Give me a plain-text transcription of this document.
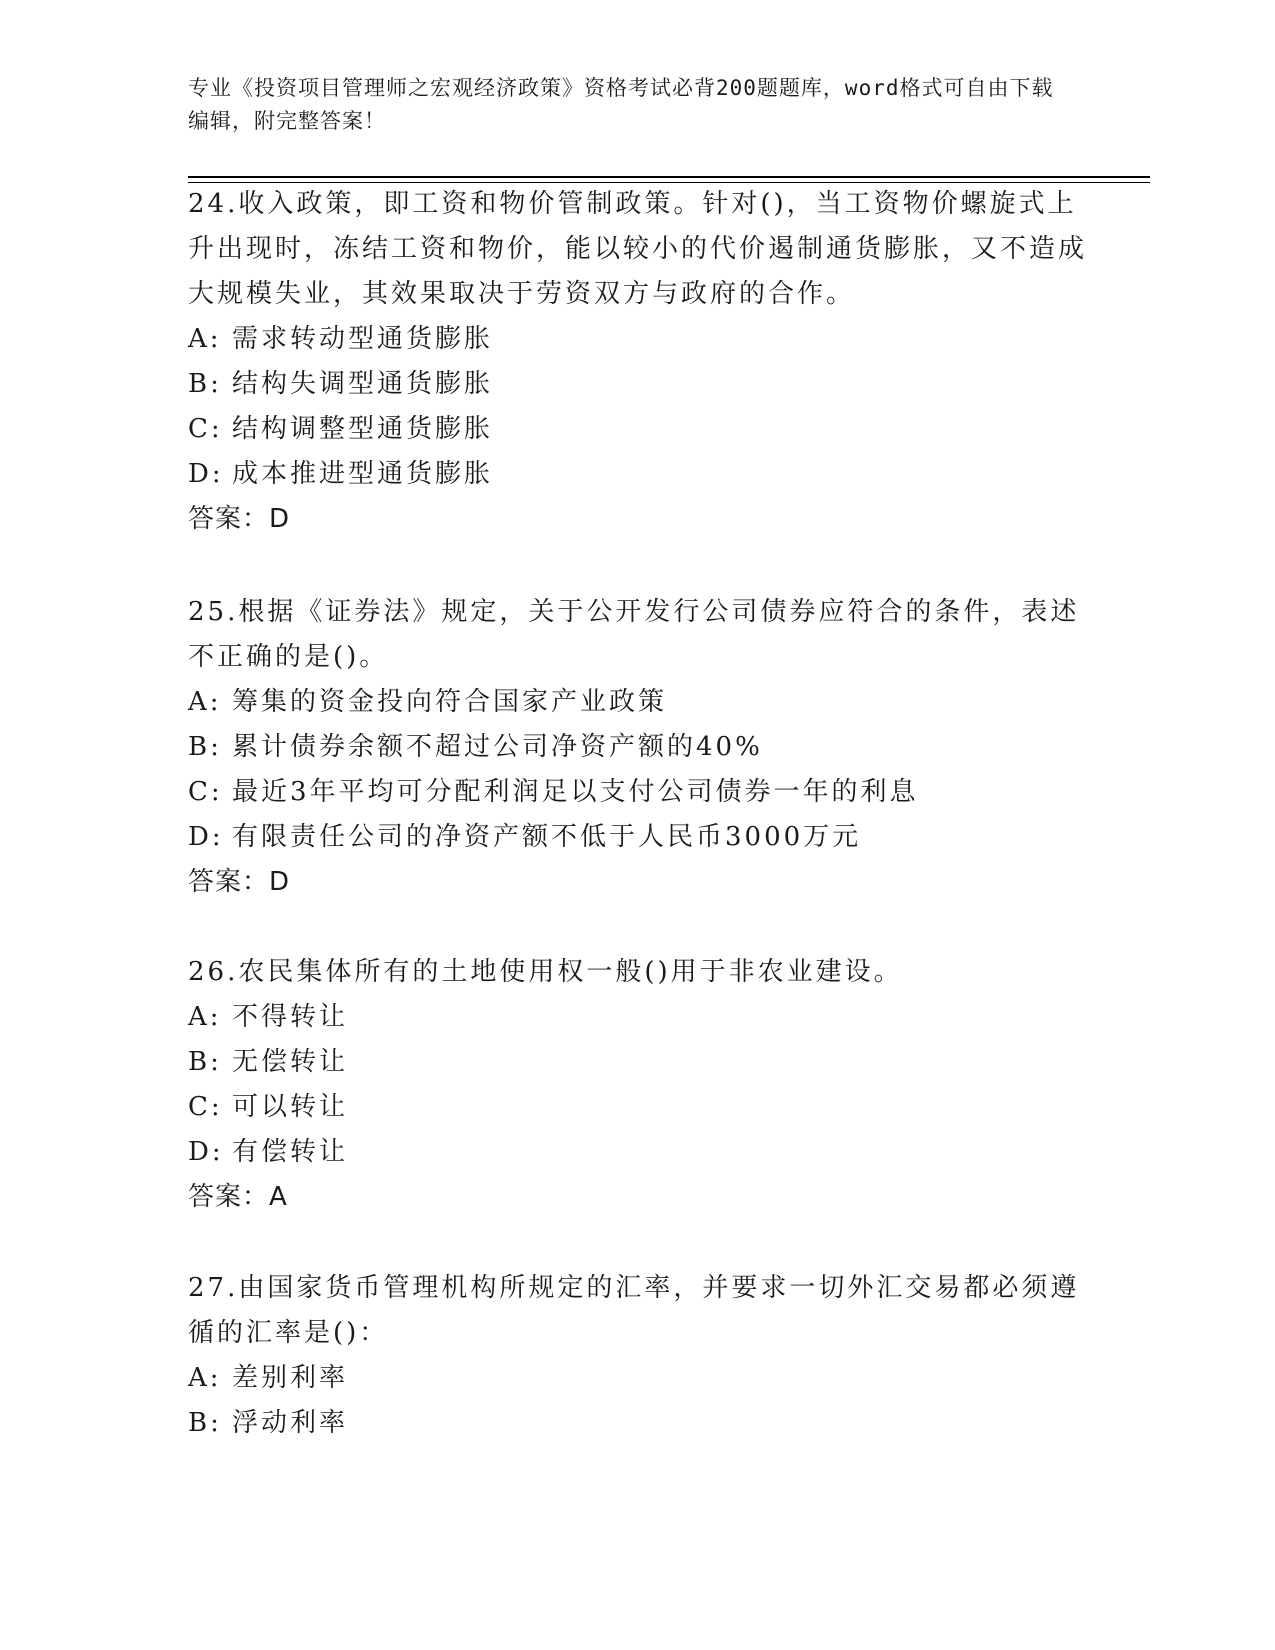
专业《投资项目管理师之宏观经济政策》资格考试必背200题题库，word格式可自由下载编辑，附完整答案！

24.收入政策，即工资和物价管制政策。针对()，当工资物价螺旋式上升出现时，冻结工资和物价，能以较小的代价遏制通货膨胀，又不造成大规模失业，其效果取决于劳资双方与政府的合作。

A: 需求转动型通货膨胀

B: 结构失调型通货膨胀

C: 结构调整型通货膨胀

D: 成本推进型通货膨胀

答案：D

25.根据《证券法》规定，关于公开发行公司债券应符合的条件，表述不正确的是()。

A: 筹集的资金投向符合国家产业政策

B: 累计债券余额不超过公司净资产额的40%

C: 最近3年平均可分配利润足以支付公司债券一年的利息

D: 有限责任公司的净资产额不低于人民币3000万元

答案：D

26.农民集体所有的土地使用权一般()用于非农业建设。

A: 不得转让

B: 无偿转让

C: 可以转让

D: 有偿转让

答案：A

27.由国家货币管理机构所规定的汇率，并要求一切外汇交易都必须遵循的汇率是()：

A: 差别利率

B: 浮动利率
